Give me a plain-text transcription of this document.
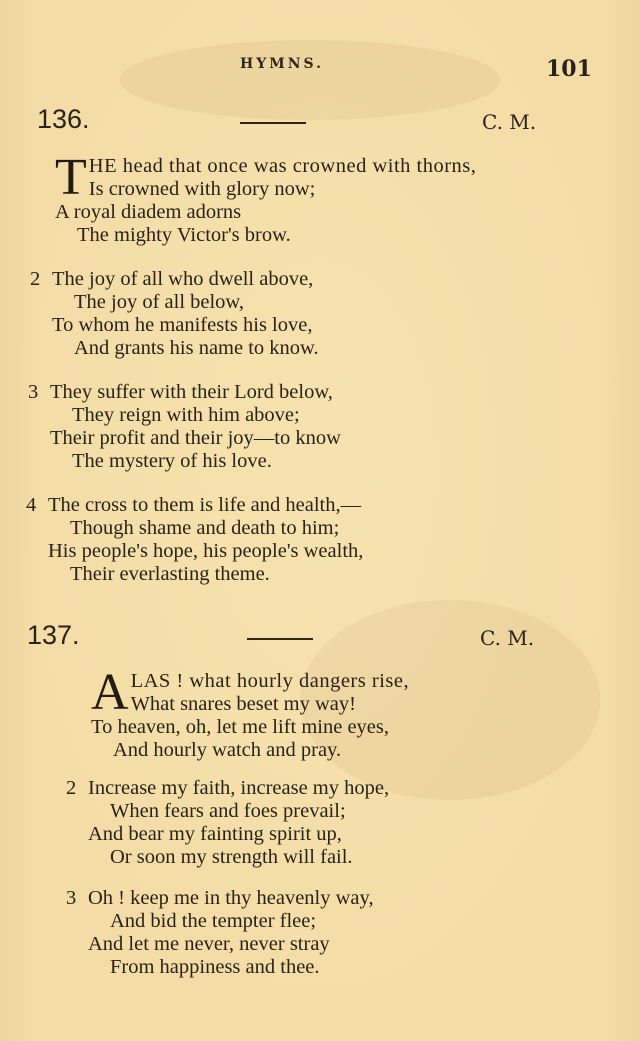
HYMNS.	101
136.	C. M.
T HE head that once was crowned with thorns,
Is crowned with glory now;
A royal diadem adorns
The mighty Victor's brow.
2 The joy of all who dwell above,
The joy of all below,
To whom he manifests his love,
And grants his name to know.
3 They suffer with their Lord below,
They reign with him above;
Their profit and their joy—to know
The mystery of his love.
4 The cross to them is life and health,—
Though shame and death to him;
His people's hope, his people's wealth,
Their everlasting theme.
137.	C. M.
A LAS ! what hourly dangers rise,
What snares beset my way!
To heaven, oh, let me lift mine eyes,
And hourly watch and pray.
2 Increase my faith, increase my hope,
When fears and foes prevail;
And bear my fainting spirit up,
Or soon my strength will fail.
3 Oh ! keep me in thy heavenly way,
And bid the tempter flee;
And let me never, never stray
From happiness and thee.
